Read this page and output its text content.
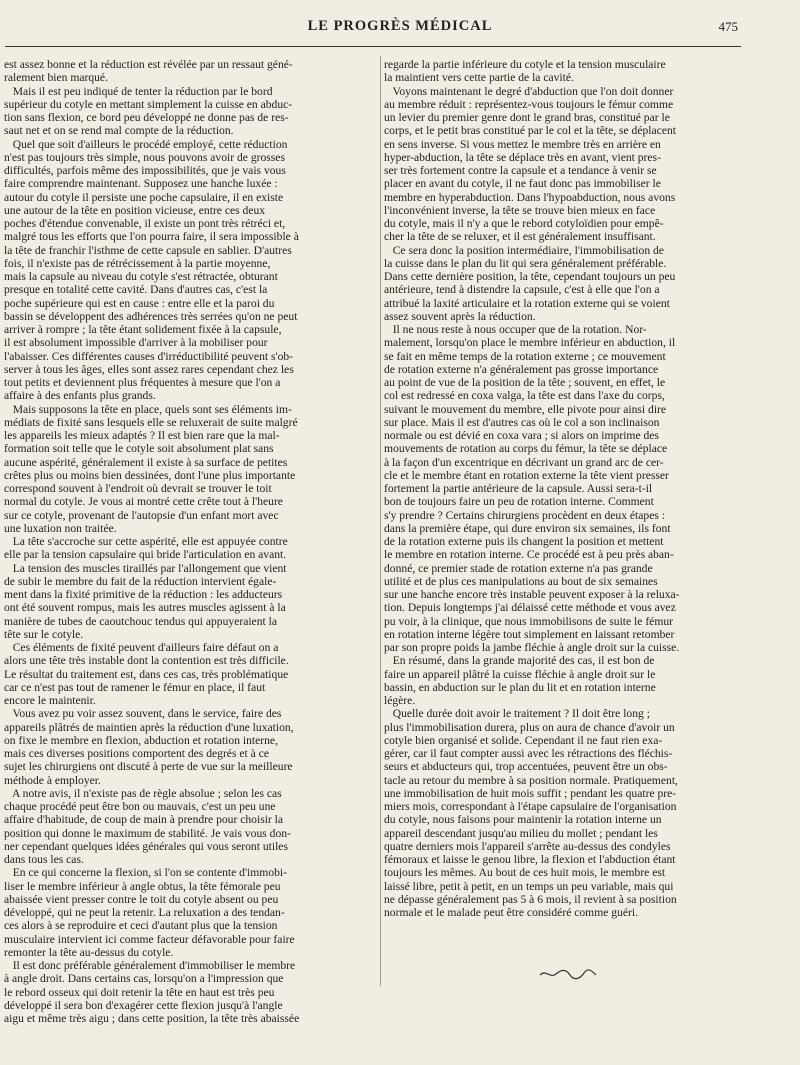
LE PROGRÈS MÉDICAL	475
est assez bonne et la réduction est révélée par un ressaut géné-
ralement bien marqué.
Mais il est peu indiqué de tenter la réduction par le bord
supérieur du cotyle en mettant simplement la cuisse en abduc-
tion sans flexion, ce bord peu développé ne donne pas de res-
saut net et on se rend mal compte de la réduction.
Quel que soit d'ailleurs le procédé employé, cette réduction
n'est pas toujours très simple, nous pouvons avoir de grosses
difficultés, parfois même des impossibilités, que je vais vous
faire comprendre maintenant. Supposez une hanche luxée :
autour du cotyle il persiste une poche capsulaire, il en existe
une autour de la tête en position vicieuse, entre ces deux
poches d'étendue convenable, il existe un pont très rétréci et,
malgré tous les efforts que l'on pourra faire, il sera impossible à
la tête de franchir l'isthme de cette capsule en sablier. D'autres
fois, il n'existe pas de rétrécissement à la partie moyenne,
mais la capsule au niveau du cotyle s'est rétractée, obturant
presque en totalité cette cavité. Dans d'autres cas, c'est la
poche supérieure qui est en cause : entre elle et la paroi du
bassin se développent des adhérences très serrées qu'on ne peut
arriver à rompre ; la tête étant solidement fixée à la capsule,
il est absolument impossible d'arriver à la mobiliser pour
l'abaisser. Ces différentes causes d'irréductibilité peuvent s'ob-
server à tous les âges, elles sont assez rares cependant chez les
tout petits et deviennent plus fréquentes à mesure que l'on a
affaire à des enfants plus grands.
Mais supposons la tête en place, quels sont ses éléments im-
médiats de fixité sans lesquels elle se reluxerait de suite malgré
les appareils les mieux adaptés ? Il est bien rare que la mal-
formation soit telle que le cotyle soit absolument plat sans
aucune aspérité, généralement il existe à sa surface de petites
crêtes plus ou moins bien dessinées, dont l'une plus importante
correspond souvent à l'endroit où devrait se trouver le toit
normal du cotyle. Je vous ai montré cette crête tout à l'heure
sur ce cotyle, provenant de l'autopsie d'un enfant mort avec
une luxation non traitée.
La tête s'accroche sur cette aspérité, elle est appuyée contre
elle par la tension capsulaire qui bride l'articulation en avant.
La tension des muscles tiraillés par l'allongement que vient
de subir le membre du fait de la réduction intervient égale-
ment dans la fixité primitive de la réduction : les adducteurs
ont été souvent rompus, mais les autres muscles agissent à la
manière de tubes de caoutchouc tendus qui appuyeraient la
tête sur le cotyle.
Ces éléments de fixité peuvent d'ailleurs faire défaut on a
alors une tête très instable dont la contention est très difficile.
Le résultat du traitement est, dans ces cas, très problématique
car ce n'est pas tout de ramener le fémur en place, il faut
encore le maintenir.
Vous avez pu voir assez souvent, dans le service, faire des
appareils plâtrés de maintien après la réduction d'une luxation,
on fixe le membre en flexion, abduction et rotation interne,
mais ces diverses positions comportent des degrés et à ce
sujet les chirurgiens ont discuté à perte de vue sur la meilleure
méthode à employer.
A notre avis, il n'existe pas de règle absolue ; selon les cas
chaque procédé peut être bon ou mauvais, c'est un peu une
affaire d'habitude, de coup de main à prendre pour choisir la
position qui donne le maximum de stabilité. Je vais vous don-
ner cependant quelques idées générales qui vous seront utiles
dans tous les cas.
En ce qui concerne la flexion, si l'on se contente d'immobi-
liser le membre inférieur à angle obtus, la tête fémorale peu
abaissée vient presser contre le toit du cotyle absent ou peu
développé, qui ne peut la retenir. La reluxation a des tendan-
ces alors à se reproduire et ceci d'autant plus que la tension
musculaire intervient ici comme facteur défavorable pour faire
remonter la tête au-dessus du cotyle.
Il est donc préférable généralement d'immobiliser le membre
à angle droit. Dans certains cas, lorsqu'on a l'impression que
le rebord osseux qui doit retenir la tête en haut est très peu
développé il sera bon d'exagérer cette flexion jusqu'à l'angle
aigu et même très aigu ; dans cette position, la tête très abaissée
regarde la partie inférieure du cotyle et la tension musculaire
la maintient vers cette partie de la cavité.
Voyons maintenant le degré d'abduction que l'on doit donner
au membre réduit : représentez-vous toujours le fémur comme
un levier du premier genre dont le grand bras, constitué par le
corps, et le petit bras constitué par le col et la tête, se déplacent
en sens inverse. Si vous mettez le membre très en arrière en
hyper-abduction, la tête se déplace très en avant, vient pres-
ser très fortement contre la capsule et a tendance à venir se
placer en avant du cotyle, il ne faut donc pas immobiliser le
membre en hyperabduction. Dans l'hypoabduction, nous avons
l'inconvénient inverse, la tête se trouve bien mieux en face
du cotyle, mais il n'y a que le rebord cotyloïdien pour empê-
cher la tête de se reluxer, et il est généralement insuffisant.
Ce sera donc la position intermédiaire, l'immobilisation de
la cuisse dans le plan du lit qui sera généralement préférable.
Dans cette dernière position, la tête, cependant toujours un peu
antérieure, tend à distendre la capsule, c'est à elle que l'on a
attribué la laxité articulaire et la rotation externe qui se voient
assez souvent après la réduction.
Il ne nous reste à nous occuper que de la rotation. Nor-
malement, lorsqu'on place le membre inférieur en abduction, il
se fait en même temps de la rotation externe ; ce mouvement
de rotation externe n'a généralement pas grosse importance
au point de vue de la position de la tête ; souvent, en effet, le
col est redressé en coxa valga, la tête est dans l'axe du corps,
suivant le mouvement du membre, elle pivote pour ainsi dire
sur place. Mais il est d'autres cas où le col a son inclinaison
normale ou est dévié en coxa vara ; si alors on imprime des
mouvements de rotation au corps du fémur, la tête se déplace
à la façon d'un excentrique en décrivant un grand arc de cer-
cle et le membre étant en rotation externe la tête vient presser
fortement la partie antérieure de la capsule. Aussi sera-t-il
bon de toujours faire un peu de rotation interne. Comment
s'y prendre ? Certains chirurgiens procèdent en deux étapes :
dans la première étape, qui dure environ six semaines, ils font
de la rotation externe puis ils changent la position et mettent
le membre en rotation interne. Ce procédé est à peu près aban-
donné, ce premier stade de rotation externe n'a pas grande
utilité et de plus ces manipulations au bout de six semaines
sur une hanche encore très instable peuvent exposer à la reluxa-
tion. Depuis longtemps j'ai délaissé cette méthode et vous avez
pu voir, à la clinique, que nous immobilisons de suite le fémur
en rotation interne légère tout simplement en laissant retomber
par son propre poids la jambe fléchie à angle droit sur la cuisse.
En résumé, dans la grande majorité des cas, il est bon de
faire un appareil plâtré la cuisse fléchie à angle droit sur le
bassin, en abduction sur le plan du lit et en rotation interne
légère.
Quelle durée doit avoir le traitement ? Il doit être long ;
plus l'immobilisation durera, plus on aura de chance d'avoir un
cotyle bien organisé et solide. Cependant il ne faut rien exa-
gérer, car il faut compter aussi avec les rétractions des fléchis-
seurs et abducteurs qui, trop accentuées, peuvent être un obs-
tacle au retour du membre à sa position normale. Pratiquement,
une immobilisation de huit mois suffit ; pendant les quatre pre-
miers mois, correspondant à l'étape capsulaire de l'organisation
du cotyle, nous faisons pour maintenir la rotation interne un
appareil descendant jusqu'au milieu du mollet ; pendant les
quatre derniers mois l'appareil s'arrête au-dessus des condyles
fémoraux et laisse le genou libre, la flexion et l'abduction étant
toujours les mêmes. Au bout de ces huit mois, le membre est
laissé libre, petit à petit, en un temps un peu variable, mais qui
ne dépasse généralement pas 5 à 6 mois, il revient à sa position
normale et le malade peut être considéré comme guéri.
